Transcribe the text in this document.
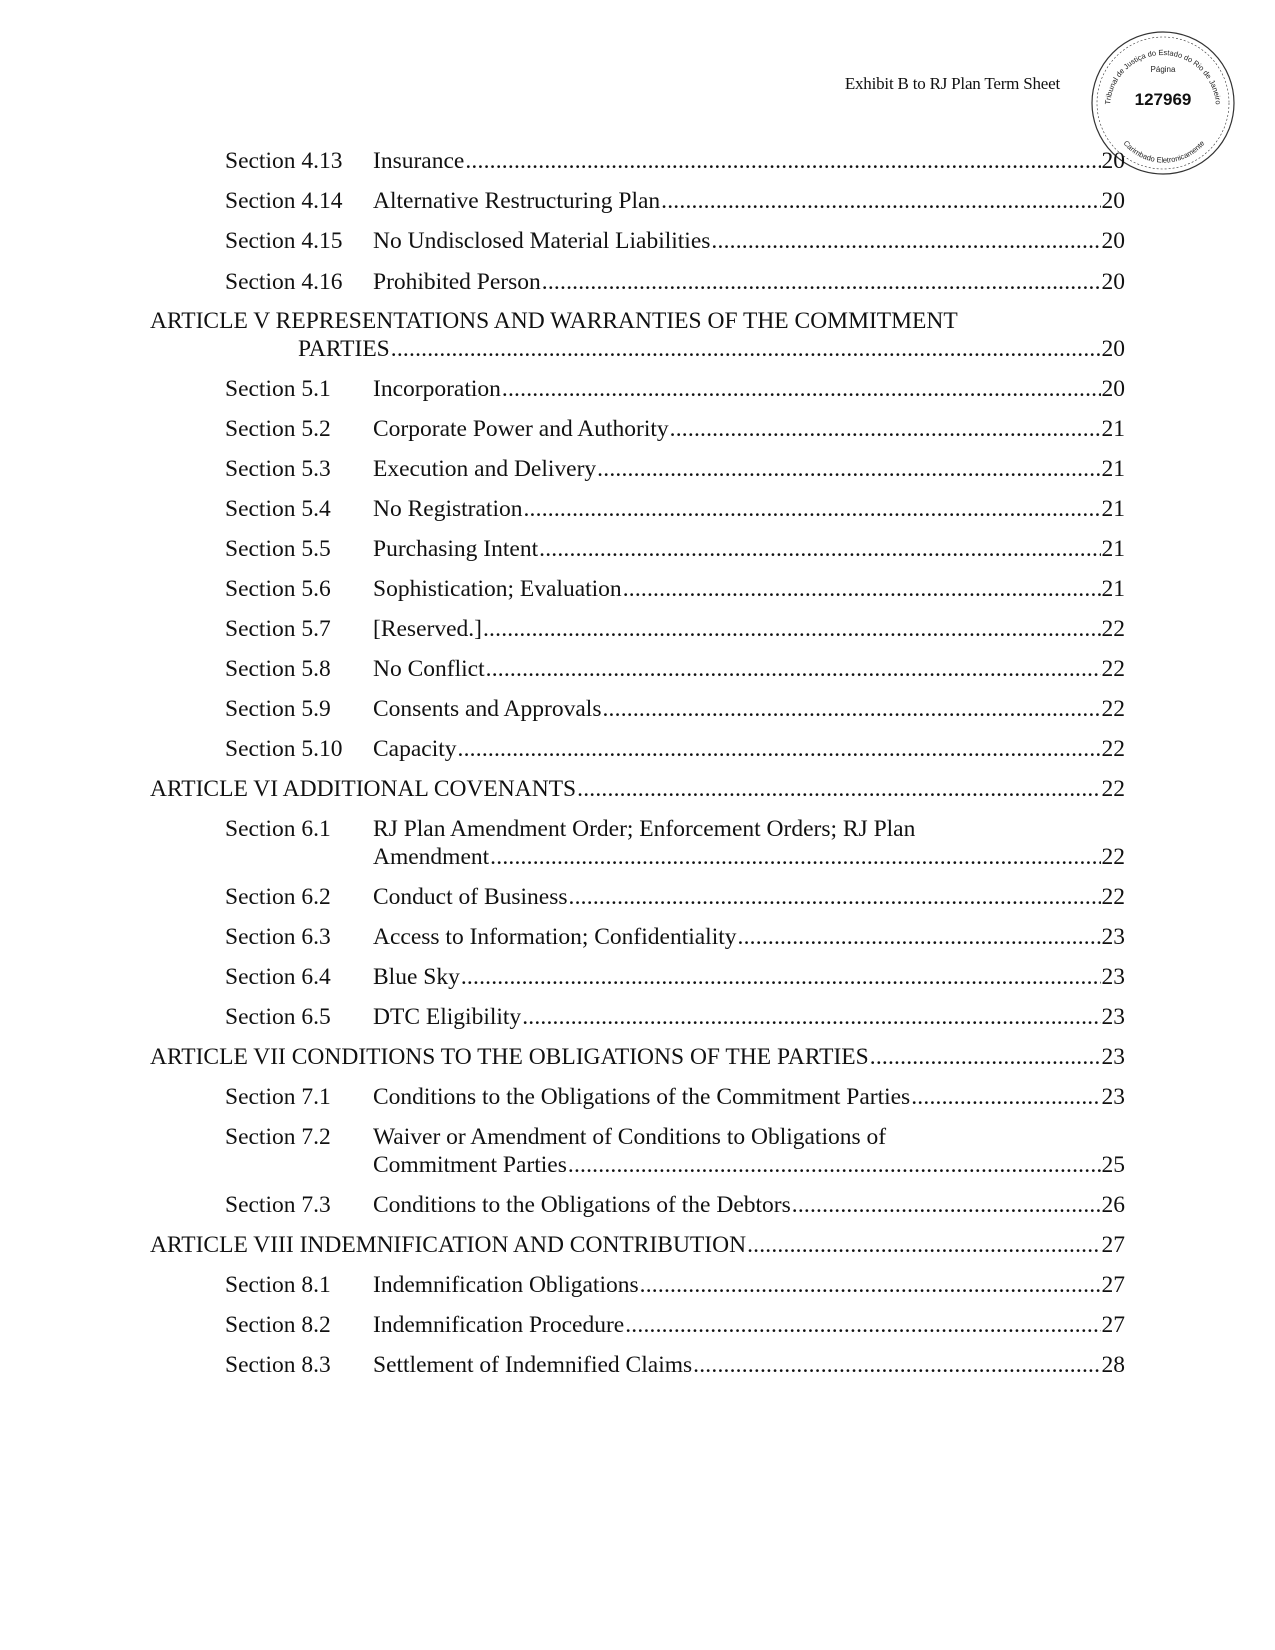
Exhibit B to RJ Plan Term Sheet
Tribunal de Justiça do Estado do Rio de Janeiro
Página
127969
Carimbado Eletronicamente
Section 4.13	Insurance .....	20
Section 4.14	Alternative Restructuring Plan .....	20
Section 4.15	No Undisclosed Material Liabilities .....	20
Section 4.16	Prohibited Person .....	20
ARTICLE V REPRESENTATIONS AND WARRANTIES OF THE COMMITMENT
PARTIES .....	20
Section 5.1	Incorporation .....	20
Section 5.2	Corporate Power and Authority .....	21
Section 5.3	Execution and Delivery .....	21
Section 5.4	No Registration .....	21
Section 5.5	Purchasing Intent .....	21
Section 5.6	Sophistication; Evaluation .....	21
Section 5.7	[Reserved.] .....	22
Section 5.8	No Conflict .....	22
Section 5.9	Consents and Approvals .....	22
Section 5.10	Capacity .....	22
ARTICLE VI ADDITIONAL COVENANTS .....	22
Section 6.1	RJ Plan Amendment Order; Enforcement Orders; RJ Plan
Amendment .....	22
Section 6.2	Conduct of Business .....	22
Section 6.3	Access to Information; Confidentiality .....	23
Section 6.4	Blue Sky .....	23
Section 6.5	DTC Eligibility .....	23
ARTICLE VII CONDITIONS TO THE OBLIGATIONS OF THE PARTIES .....	23
Section 7.1	Conditions to the Obligations of the Commitment Parties .....	23
Section 7.2	Waiver or Amendment of Conditions to Obligations of
Commitment Parties .....	25
Section 7.3	Conditions to the Obligations of the Debtors .....	26
ARTICLE VIII INDEMNIFICATION AND CONTRIBUTION .....	27
Section 8.1	Indemnification Obligations .....	27
Section 8.2	Indemnification Procedure .....	27
Section 8.3	Settlement of Indemnified Claims .....	28
